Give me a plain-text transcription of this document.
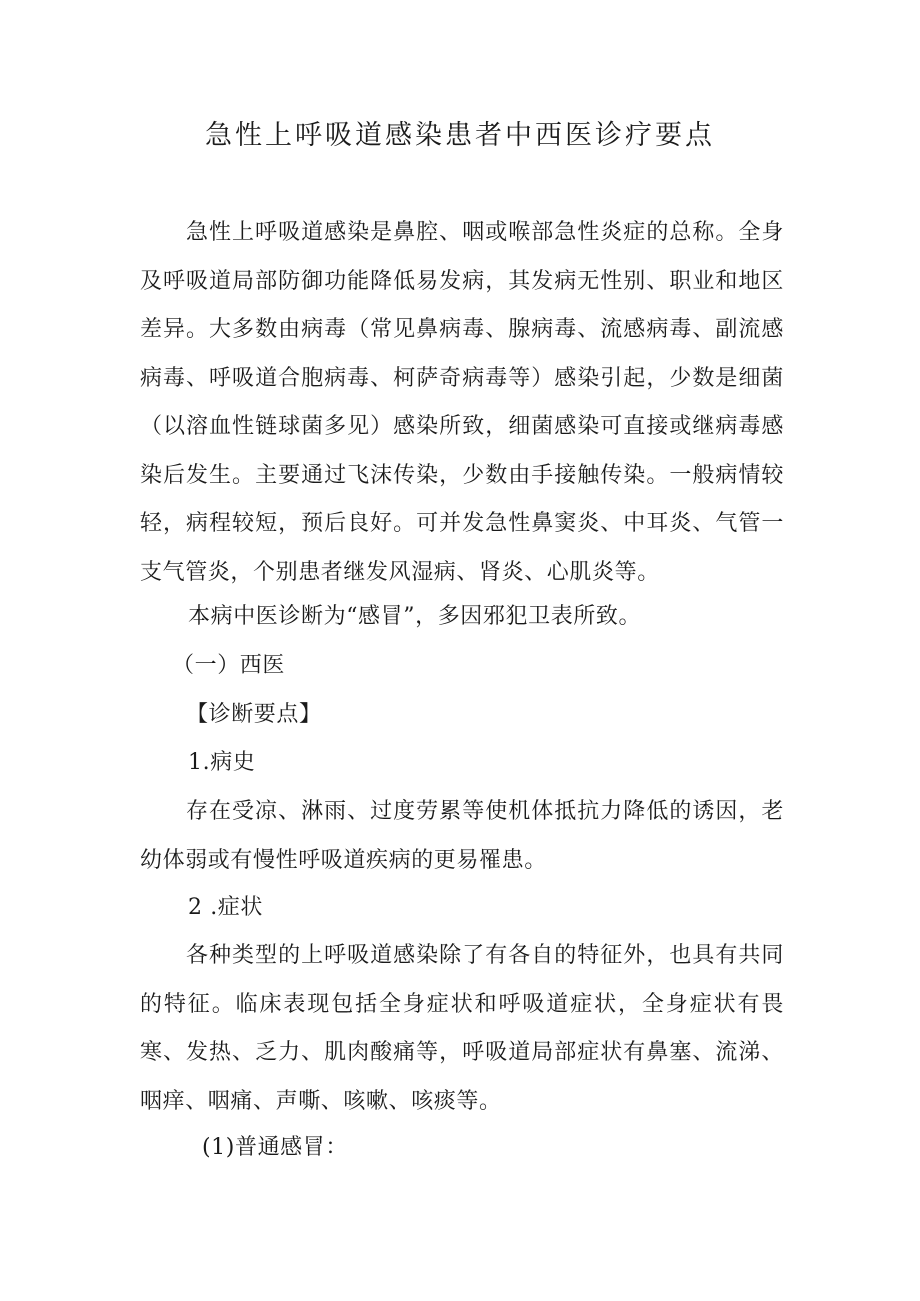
急性上呼吸道感染患者中西医诊疗要点

急性上呼吸道感染是鼻腔、咽或喉部急性炎症的总称。全身及呼吸道局部防御功能降低易发病，其发病无性别、职业和地区差异。大多数由病毒（常见鼻病毒、腺病毒、流感病毒、副流感病毒、呼吸道合胞病毒、柯萨奇病毒等）感染引起，少数是细菌（以溶血性链球菌多见）感染所致，细菌感染可直接或继病毒感染后发生。主要通过飞沫传染，少数由手接触传染。一般病情较轻，病程较短，预后良好。可并发急性鼻窦炎、中耳炎、气管一支气管炎，个别患者继发风湿病、肾炎、心肌炎等。

本病中医诊断为“感冒”，多因邪犯卫表所致。

（一）西医

【诊断要点】

1.病史

存在受凉、淋雨、过度劳累等使机体抵抗力降低的诱因，老幼体弱或有慢性呼吸道疾病的更易罹患。

2 .症状

各种类型的上呼吸道感染除了有各自的特征外，也具有共同的特征。临床表现包括全身症状和呼吸道症状，全身症状有畏寒、发热、乏力、肌肉酸痛等，呼吸道局部症状有鼻塞、流涕、咽痒、咽痛、声嘶、咳嗽、咳痰等。

(1)普通感冒：
